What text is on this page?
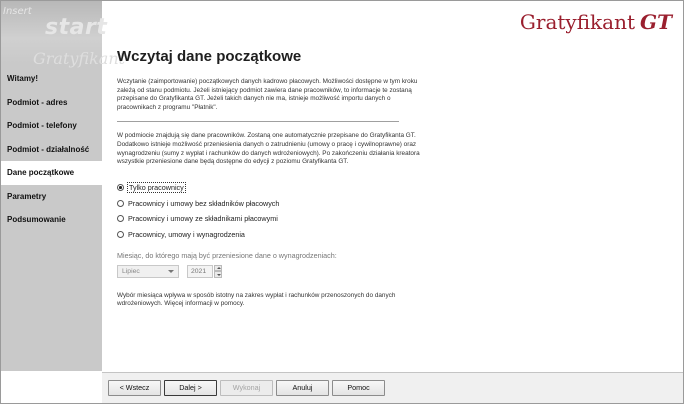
Insert
start
Gratyfikant
Witamy!
Podmiot - adres
Podmiot - telefony
Podmiot - działalność
Dane początkowe
Parametry
Podsumowanie
Gratyfikant GT
Wczytaj dane początkowe
Wczytanie (zaimportowanie) początkowych danych kadrowo płacowych. Możliwości dostępne w tym kroku zależą od stanu podmiotu. Jeżeli istniejący podmiot zawiera dane pracowników, to informacje te zostaną przepisane do Gratyfikanta GT. Jeżeli takich danych nie ma, istnieje możliwość importu danych o pracownikach z programu "Płatnik".
W podmiocie znajdują się dane pracowników. Zostaną one automatycznie przepisane do Gratyfikanta GT. Dodatkowo istnieje możliwość przeniesienia danych o zatrudnieniu (umowy o pracę i cywilnoprawne) oraz wynagrodzeniu (sumy z wypłat i rachunków do danych wdrożeniowych). Po zakończeniu działania kreatora wszystkie przeniesione dane będą dostępne do edycji z poziomu Gratyfikanta GT.
Tylko pracownicy
Pracownicy i umowy bez składników płacowych
Pracownicy i umowy ze składnikami płacowymi
Pracownicy, umowy i wynagrodzenia
Miesiąc, do którego mają być przeniesione dane o wynagrodzeniach:
Lipiec	2021
Wybór miesiąca wpływa w sposób istotny na zakres wypłat i rachunków przenoszonych do danych wdrożeniowych. Więcej informacji w pomocy.
< Wstecz	Dalej >	Wykonaj	Anuluj	Pomoc
